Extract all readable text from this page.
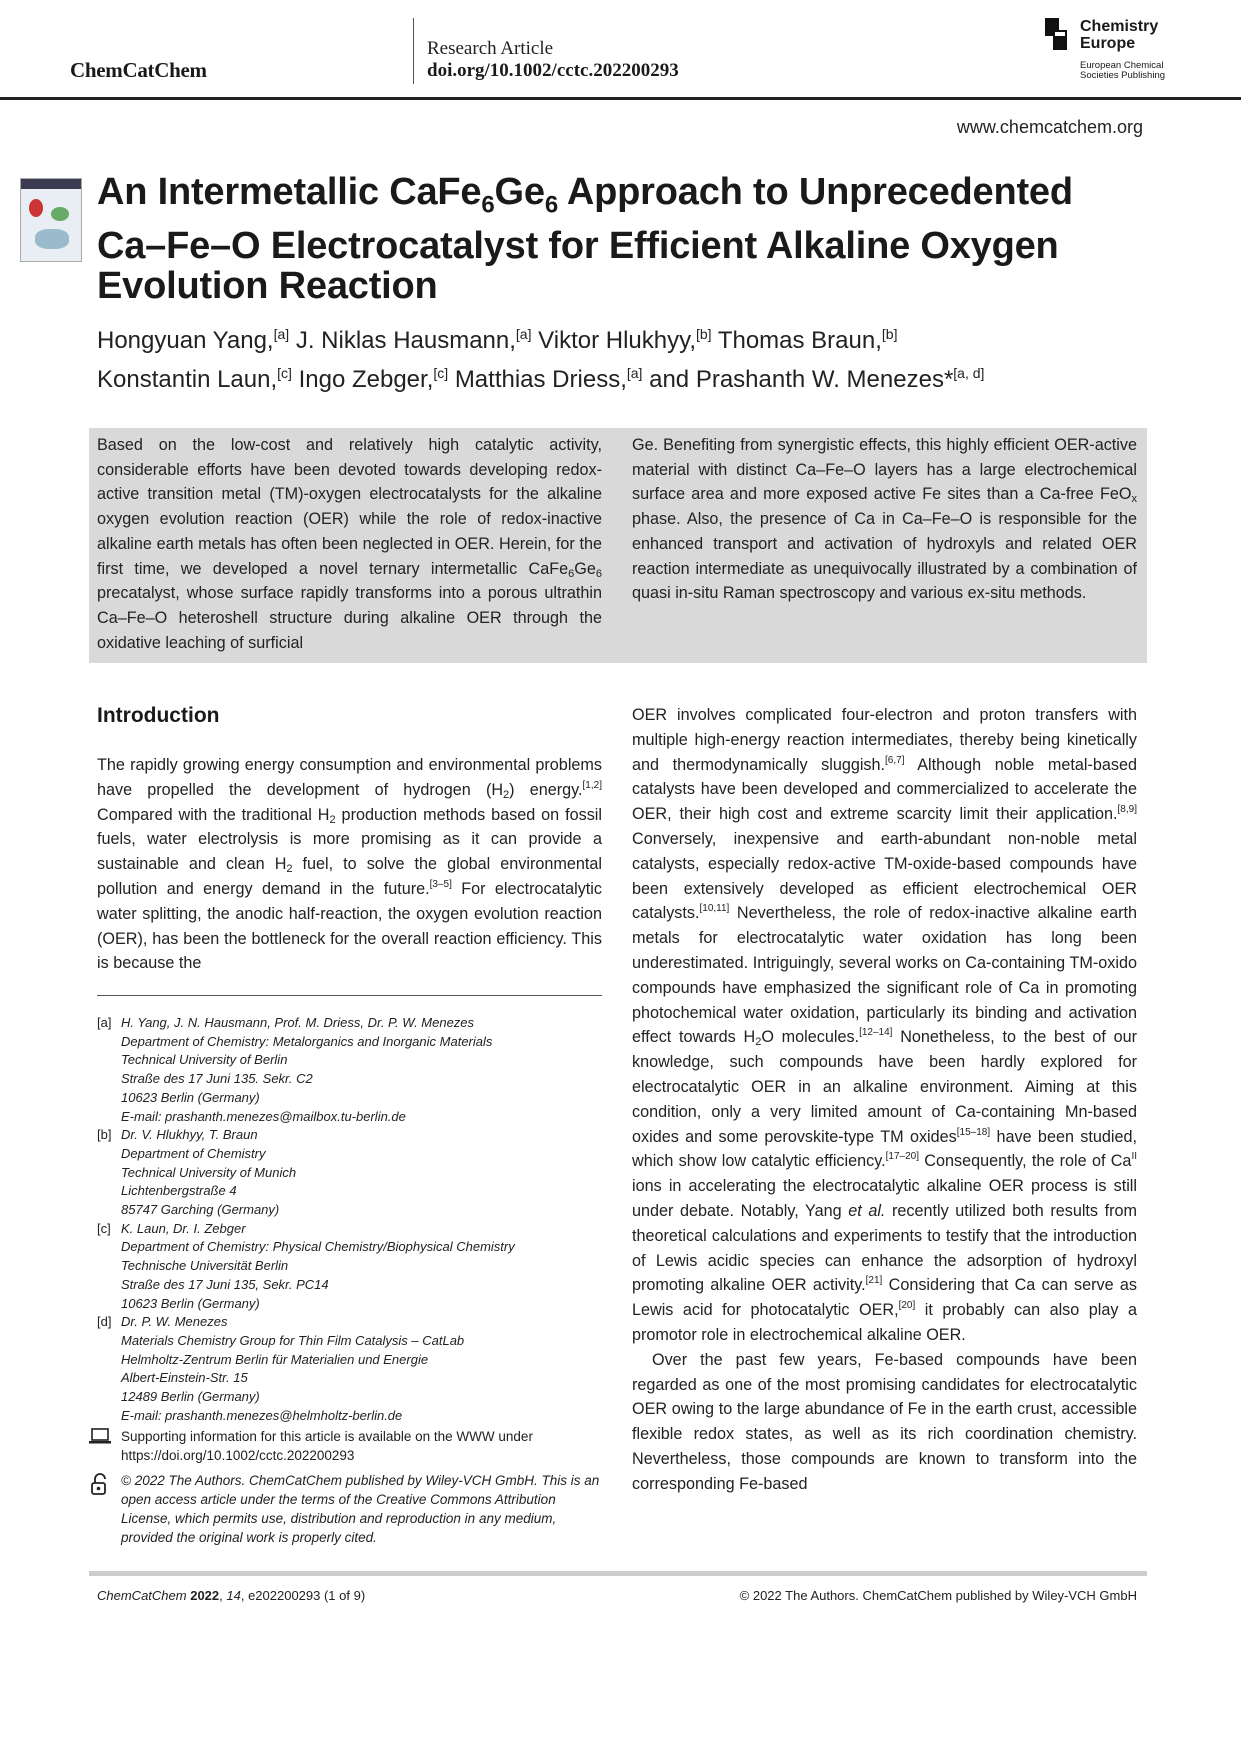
ChemCatChem
Research Article
doi.org/10.1002/cctc.202200293
Chemistry
Europe
European Chemical
Societies Publishing
www.chemcatchem.org
An Intermetallic $CaFe_6Ge_6$ Approach to Unprecedented Ca–Fe–O Electrocatalyst for Efficient Alkaline Oxygen Evolution Reaction
Hongyuan Yang,[a] J. Niklas Hausmann,[a] Viktor Hlukhyy,[b] Thomas Braun,[b]
Konstantin Laun,[c] Ingo Zebger,[c] Matthias Driess,[a] and Prashanth W. Menezes*[a, d]
Based on the low-cost and relatively high catalytic activity, considerable efforts have been devoted towards developing redox-active transition metal (TM)-oxygen electrocatalysts for the alkaline oxygen evolution reaction (OER) while the role of redox-inactive alkaline earth metals has often been neglected in OER. Herein, for the first time, we developed a novel ternary intermetallic $CaFe_6Ge_6$ precatalyst, whose surface rapidly transforms into a porous ultrathin Ca–Fe–O heteroshell structure during alkaline OER through the oxidative leaching of surficial
Ge. Benefiting from synergistic effects, this highly efficient OER-active material with distinct Ca–Fe–O layers has a large electrochemical surface area and more exposed active Fe sites than a Ca-free FeO$_x$ phase. Also, the presence of Ca in Ca–Fe–O is responsible for the enhanced transport and activation of hydroxyls and related OER reaction intermediate as unequivocally illustrated by a combination of quasi in-situ Raman spectroscopy and various ex-situ methods.
Introduction
The rapidly growing energy consumption and environmental problems have propelled the development of hydrogen $(H_2)$ energy.[1,2] Compared with the traditional $H_2$ production methods based on fossil fuels, water electrolysis is more promising as it can provide a sustainable and clean $H_2$ fuel, to solve the global environmental pollution and energy demand in the future.[3–5] For electrocatalytic water splitting, the anodic half-reaction, the oxygen evolution reaction (OER), has been the bottleneck for the overall reaction efficiency. This is because the
OER involves complicated four-electron and proton transfers with multiple high-energy reaction intermediates, thereby being kinetically and thermodynamically sluggish.[6,7] Although noble metal-based catalysts have been developed and commercialized to accelerate the OER, their high cost and extreme scarcity limit their application.[8,9] Conversely, inexpensive and earth-abundant non-noble metal catalysts, especially redox-active TM-oxide-based compounds have been extensively developed as efficient electrochemical OER catalysts.[10,11] Nevertheless, the role of redox-inactive alkaline earth metals for electrocatalytic water oxidation has long been underestimated. Intriguingly, several works on Ca-containing TM-oxido compounds have emphasized the significant role of Ca in promoting photochemical water oxidation, particularly its binding and activation effect towards $H_2O$ molecules.[12–14] Nonetheless, to the best of our knowledge, such compounds have been hardly explored for electrocatalytic OER in an alkaline environment. Aiming at this condition, only a very limited amount of Ca-containing Mn-based oxides and some perovskite-type TM oxides[15–18] have been studied, which show low catalytic efficiency.[17–20] Consequently, the role of $Ca^{II}$ ions in accelerating the electrocatalytic alkaline OER process is still under debate. Notably, Yang et al. recently utilized both results from theoretical calculations and experiments to testify that the introduction of Lewis acidic species can enhance the adsorption of hydroxyl promoting alkaline OER activity.[21] Considering that Ca can serve as Lewis acid for photocatalytic OER,[20] it probably can also play a promotor role in electrochemical alkaline OER.
Over the past few years, Fe-based compounds have been regarded as one of the most promising candidates for electrocatalytic OER owing to the large abundance of Fe in the earth crust, accessible flexible redox states, as well as its rich coordination chemistry. Nevertheless, those compounds are known to transform into the corresponding Fe-based
[a] H. Yang, J. N. Hausmann, Prof. M. Driess, Dr. P. W. Menezes
Department of Chemistry: Metalorganics and Inorganic Materials
Technical University of Berlin
Straße des 17 Juni 135. Sekr. C2
10623 Berlin (Germany)
E-mail: prashanth.menezes@mailbox.tu-berlin.de
[b] Dr. V. Hlukhyy, T. Braun
Department of Chemistry
Technical University of Munich
Lichtenbergstraße 4
85747 Garching (Germany)
[c] K. Laun, Dr. I. Zebger
Department of Chemistry: Physical Chemistry/Biophysical Chemistry
Technische Universität Berlin
Straße des 17 Juni 135, Sekr. PC14
10623 Berlin (Germany)
[d] Dr. P. W. Menezes
Materials Chemistry Group for Thin Film Catalysis – CatLab
Helmholtz-Zentrum Berlin für Materialien und Energie
Albert-Einstein-Str. 15
12489 Berlin (Germany)
E-mail: prashanth.menezes@helmholtz-berlin.de
Supporting information for this article is available on the WWW under https://doi.org/10.1002/cctc.202200293
© 2022 The Authors. ChemCatChem published by Wiley-VCH GmbH. This is an open access article under the terms of the Creative Commons Attribution License, which permits use, distribution and reproduction in any medium, provided the original work is properly cited.
ChemCatChem 2022, 14, e202200293 (1 of 9)	© 2022 The Authors. ChemCatChem published by Wiley-VCH GmbH
